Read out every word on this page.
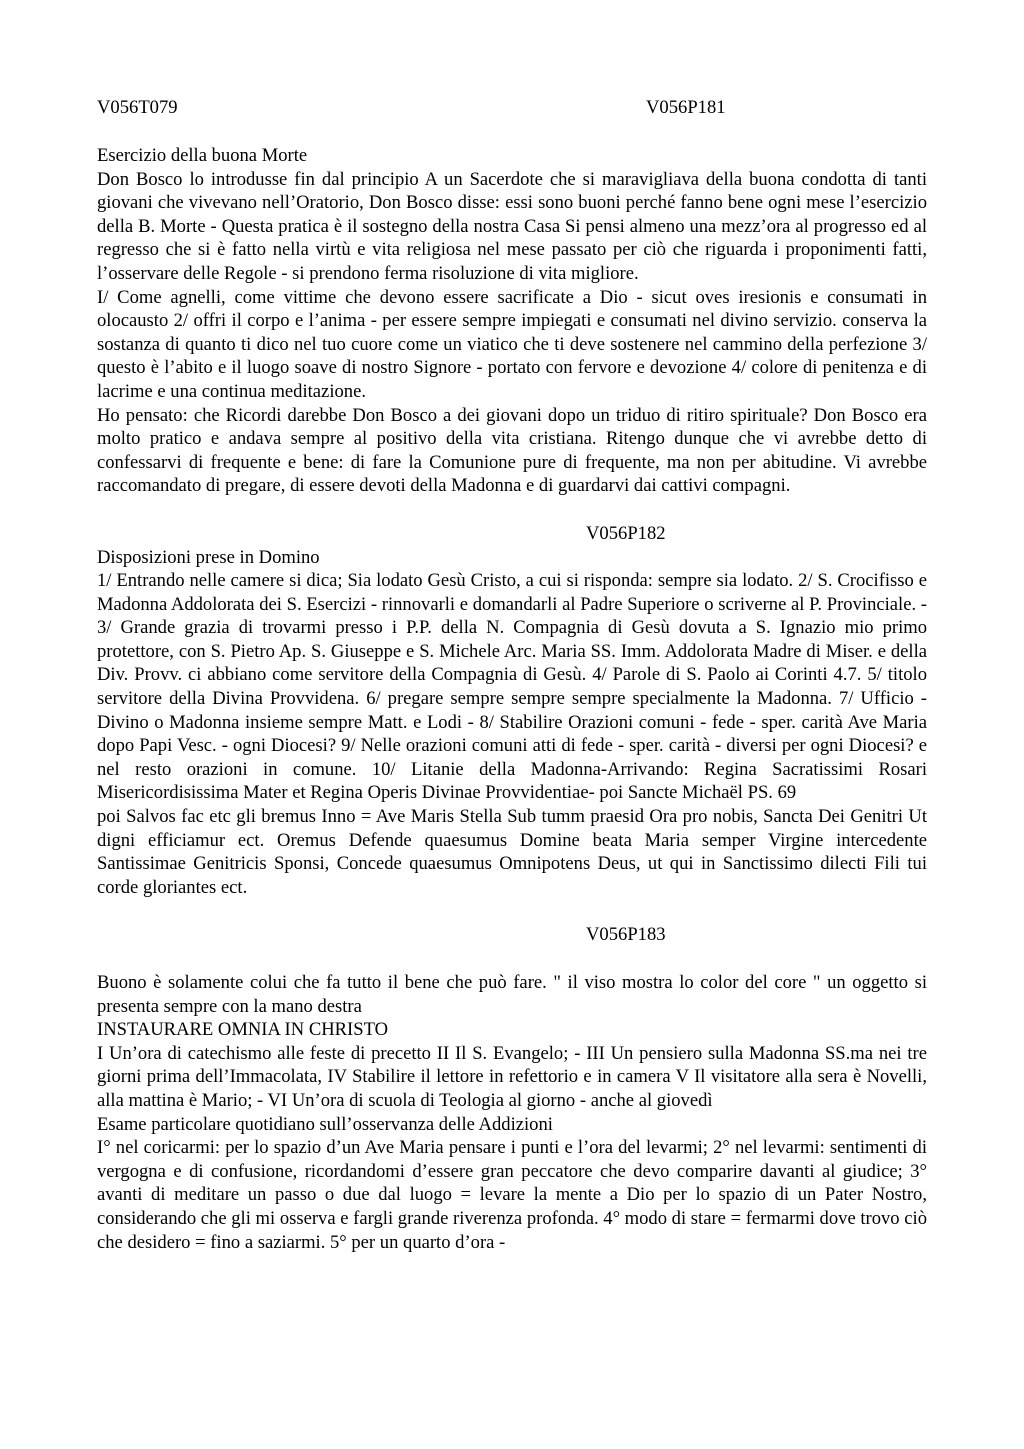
V056T079	V056P181

Esercizio della buona Morte

Don Bosco lo introdusse fin dal principio A un Sacerdote che si maravigliava della buona condotta di tanti giovani che vivevano nell’Oratorio, Don Bosco disse: essi sono buoni perché fanno bene ogni mese l’esercizio della B. Morte - Questa pratica è il sostegno della nostra Casa Si pensi almeno una mezz’ora al progresso ed al regresso che si è fatto nella virtù e vita religiosa nel mese passato per ciò che riguarda i proponimenti fatti, l’osservare delle Regole - si prendono ferma risoluzione di vita migliore.

I/ Come agnelli, come vittime che devono essere sacrificate a Dio - sicut oves iresionis e consumati in olocausto 2/ offri il corpo e l’anima - per essere sempre impiegati e consumati nel divino servizio. conserva la sostanza di quanto ti dico nel tuo cuore come un viatico che ti deve sostenere nel cammino della perfezione 3/ questo è l’abito e il luogo soave di nostro Signore - portato con fervore e devozione 4/ colore di penitenza e di lacrime e una continua meditazione.

Ho pensato: che Ricordi darebbe Don Bosco a dei giovani dopo un triduo di ritiro spirituale? Don Bosco era molto pratico e andava sempre al positivo della vita cristiana. Ritengo dunque che vi avrebbe detto di confessarvi di frequente e bene: di fare la Comunione pure di frequente, ma non per abitudine. Vi avrebbe raccomandato di pregare, di essere devoti della Madonna e di guardarvi dai cattivi compagni.

V056P182

Disposizioni prese in Domino

1/ Entrando nelle camere si dica; Sia lodato Gesù Cristo, a cui si risponda: sempre sia lodato. 2/ S. Crocifisso e Madonna Addolorata dei S. Esercizi - rinnovarli e domandarli al Padre Superiore o scriverne al P. Provinciale. - 3/ Grande grazia di trovarmi presso i P.P. della N. Compagnia di Gesù dovuta a S. Ignazio mio primo protettore, con S. Pietro Ap. S. Giuseppe e S. Michele Arc. Maria SS. Imm. Addolorata Madre di Miser. e della Div. Provv. ci abbiano come servitore della Compagnia di Gesù. 4/ Parole di S. Paolo ai Corinti 4.7. 5/ titolo servitore della Divina Provvidena. 6/ pregare sempre sempre sempre specialmente la Madonna. 7/ Ufficio - Divino o Madonna insieme sempre Matt. e Lodi - 8/ Stabilire Orazioni comuni - fede - sper. carità Ave Maria dopo Papi Vesc. - ogni Diocesi? 9/ Nelle orazioni comuni atti di fede - sper. carità - diversi per ogni Diocesi? e nel resto orazioni in comune. 10/ Litanie della Madonna-Arrivando: Regina Sacratissimi Rosari Misericordisissima Mater et Regina Operis Divinae Provvidentiae- poi Sancte Michaël PS. 69

poi Salvos fac etc gli bremus Inno = Ave Maris Stella Sub tumm praesid Ora pro nobis, Sancta Dei Genitri Ut digni efficiamur ect. Oremus Defende quaesumus Domine beata Maria semper Virgine intercedente Santissimae Genitricis Sponsi, Concede quaesumus Omnipotens Deus, ut qui in Sanctissimo dilecti Fili tui corde gloriantes ect.

V056P183

Buono è solamente colui che fa tutto il bene che può fare. " il viso mostra lo color del core " un oggetto si presenta sempre con la mano destra

INSTAURARE OMNIA IN CHRISTO

I Un’ora di catechismo alle feste di precetto II Il S. Evangelo; - III Un pensiero sulla Madonna SS.ma nei tre giorni prima dell’Immacolata, IV Stabilire il lettore in refettorio e in camera V Il visitatore alla sera è Novelli, alla mattina è Mario; - VI Un’ora di scuola di Teologia al giorno - anche al giovedì

Esame particolare quotidiano sull’osservanza delle Addizioni

I° nel coricarmi: per lo spazio d’un Ave Maria pensare i punti e l’ora del levarmi; 2° nel levarmi: sentimenti di vergogna e di confusione, ricordandomi d’essere gran peccatore che devo comparire davanti al giudice; 3° avanti di meditare un passo o due dal luogo = levare la mente a Dio per lo spazio di un Pater Nostro, considerando che gli mi osserva e fargli grande riverenza profonda. 4° modo di stare = fermarmi dove trovo ciò che desidero = fino a saziarmi. 5° per un quarto d’ora -
